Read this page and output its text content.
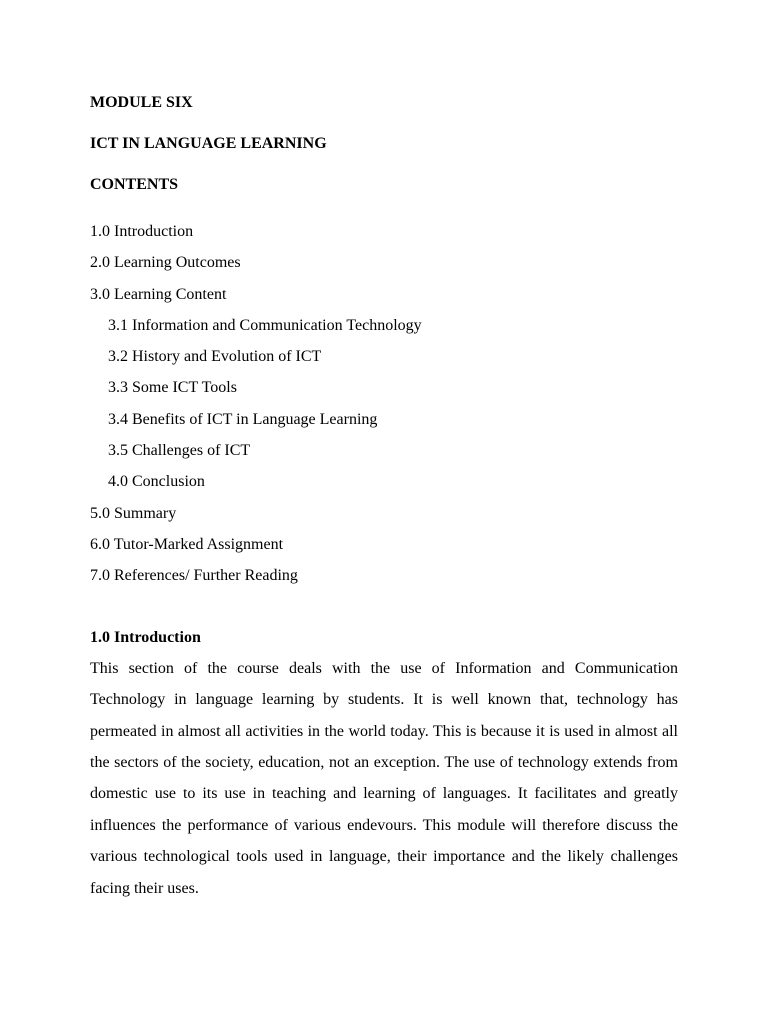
MODULE SIX

ICT IN LANGUAGE LEARNING

CONTENTS

1.0 Introduction
2.0 Learning Outcomes
3.0 Learning Content
3.1 Information and Communication Technology
3.2 History and Evolution of ICT
3.3 Some ICT Tools
3.4 Benefits of ICT in Language Learning
3.5 Challenges of ICT
4.0 Conclusion
5.0 Summary
6.0 Tutor-Marked Assignment
7.0 References/ Further Reading

1.0 Introduction

This section of the course deals with the use of Information and Communication Technology in language learning by students. It is well known that, technology has permeated in almost all activities in the world today. This is because it is used in almost all the sectors of the society, education, not an exception. The use of technology extends from domestic use to its use in teaching and learning of languages. It facilitates and greatly influences the performance of various endevours. This module will therefore discuss the various technological tools used in language, their importance and the likely challenges facing their uses.
